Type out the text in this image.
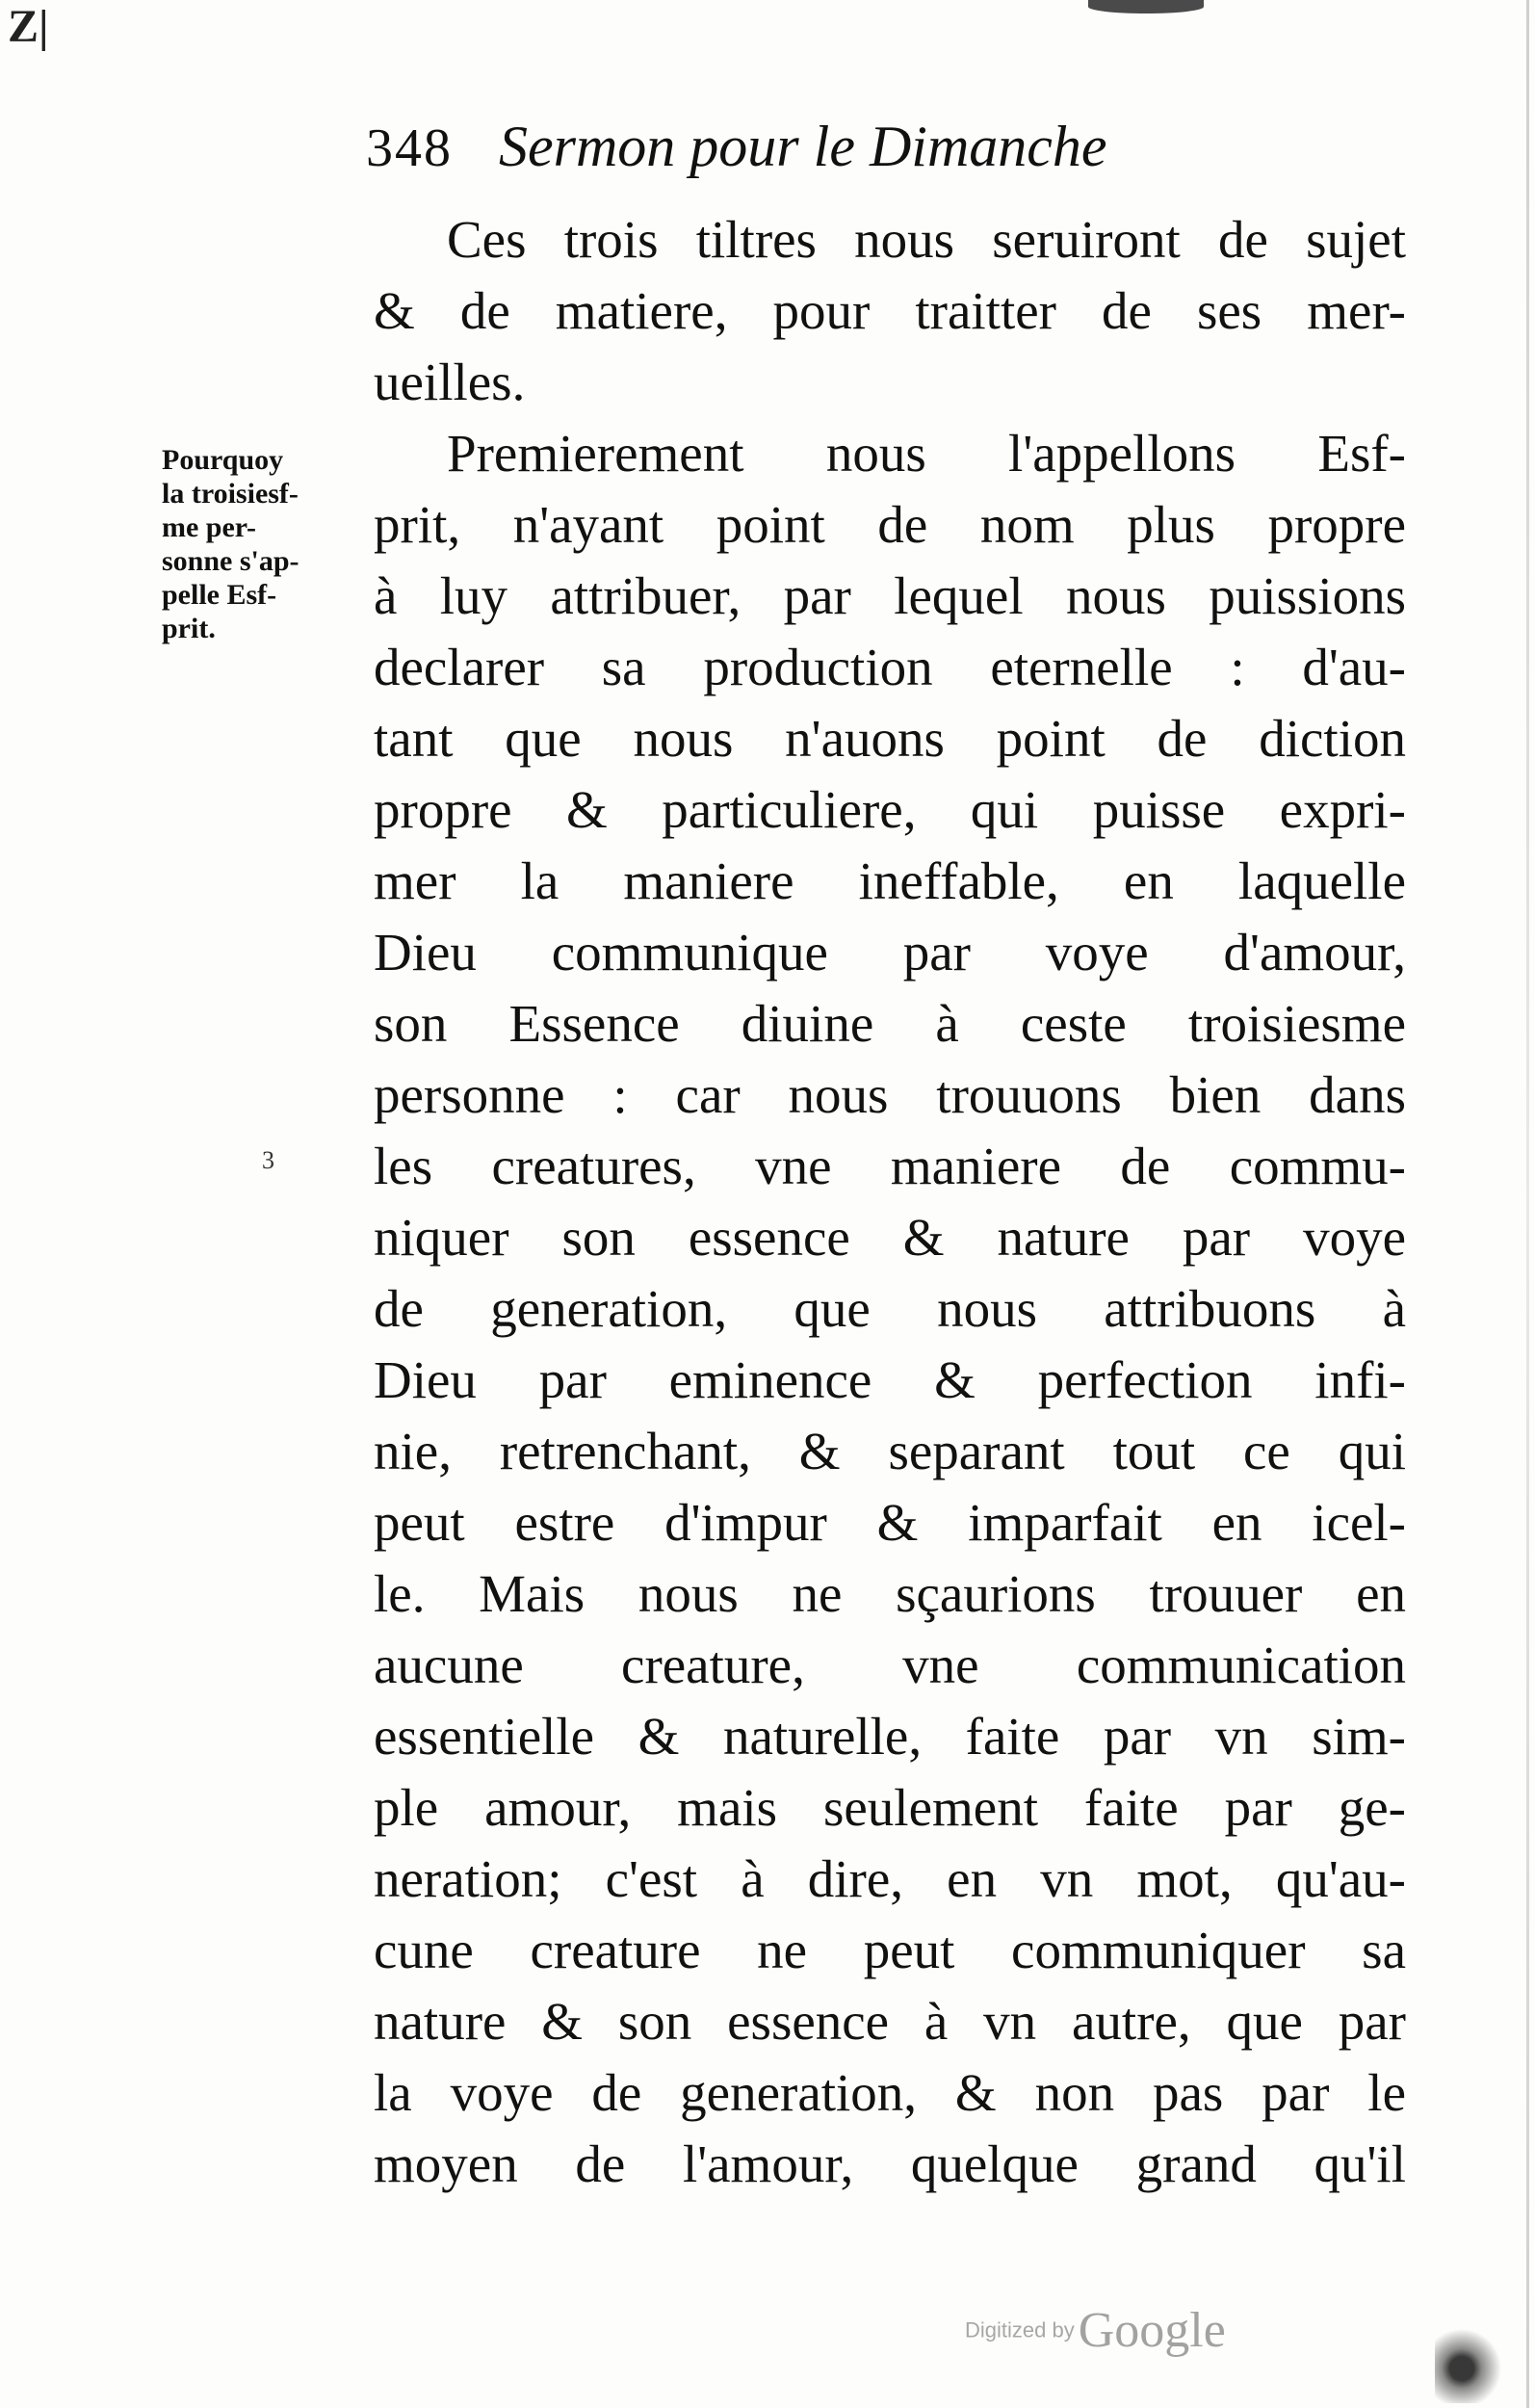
Z|
348 Sermon pour le Dimanche
Pourquoy
la troisiesf-
me per-
sonne s'ap-
pelle Esf-
prit.
3
Ces trois tiltres nous seruiront de sujet
& de matiere, pour traitter de ses mer-
ueilles.
Premierement nous l'appellons Esf-
prit, n'ayant point de nom plus propre
à luy attribuer, par lequel nous puissions
declarer sa production eternelle : d'au-
tant que nous n'auons point de diction
propre & particuliere, qui puisse expri-
mer la maniere ineffable, en laquelle
Dieu communique par voye d'amour,
son Essence diuine à ceste troisiesme
personne : car nous trouuons bien dans
les creatures, vne maniere de commu-
niquer son essence & nature par voye
de generation, que nous attribuons à
Dieu par eminence & perfection infi-
nie, retrenchant, & separant tout ce qui
peut estre d'impur & imparfait en icel-
le. Mais nous ne sçaurions trouuer en
aucune creature, vne communication
essentielle & naturelle, faite par vn sim-
ple amour, mais seulement faite par ge-
neration; c'est à dire, en vn mot, qu'au-
cune creature ne peut communiquer sa
nature & son essence à vn autre, que par
la voye de generation, & non pas par le
moyen de l'amour, quelque grand qu'il
Digitized by Google
